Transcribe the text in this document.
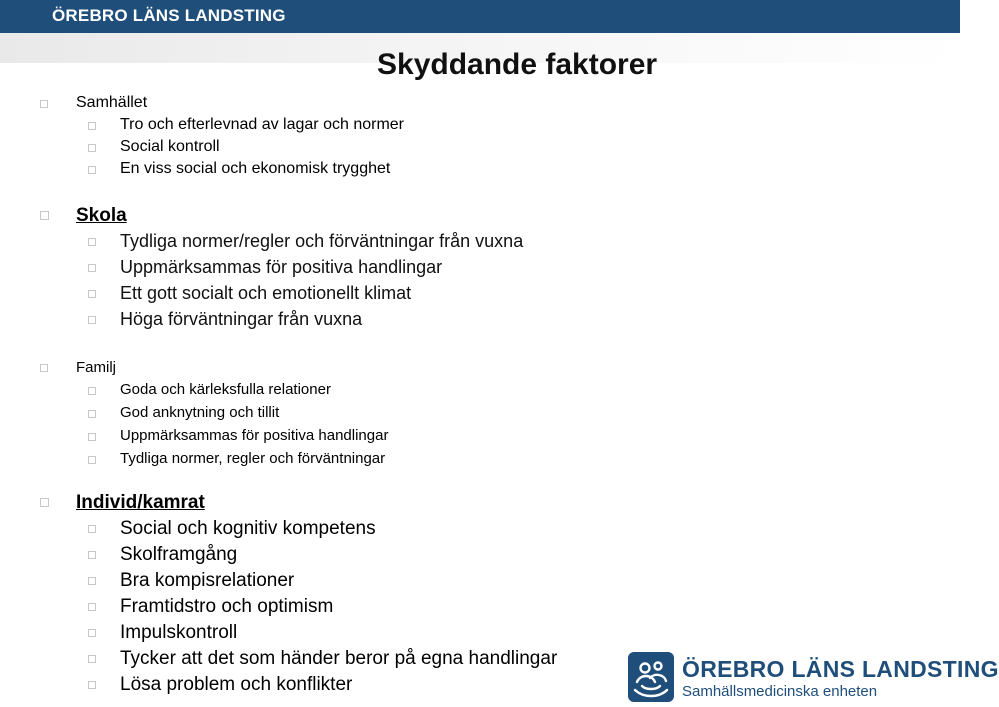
ÖREBRO LÄNS LANDSTING
Skyddande faktorer
Samhället
Tro och efterlevnad av lagar och normer
Social kontroll
En viss social och ekonomisk trygghet
Skola
Tydliga normer/regler och förväntningar från vuxna
Uppmärksammas för positiva handlingar
Ett gott socialt och emotionellt klimat
Höga förväntningar från vuxna
Familj
Goda och kärleksfulla relationer
God anknytning och tillit
Uppmärksammas för positiva handlingar
Tydliga normer, regler och förväntningar
Individ/kamrat
Social och kognitiv kompetens
Skolframgång
Bra kompisrelationer
Framtidstro och optimism
Impulskontroll
Tycker att det som händer beror på egna handlingar
Lösa problem och konflikter
ÖREBRO LÄNS LANDSTING
Samhällsmedicinska enheten
